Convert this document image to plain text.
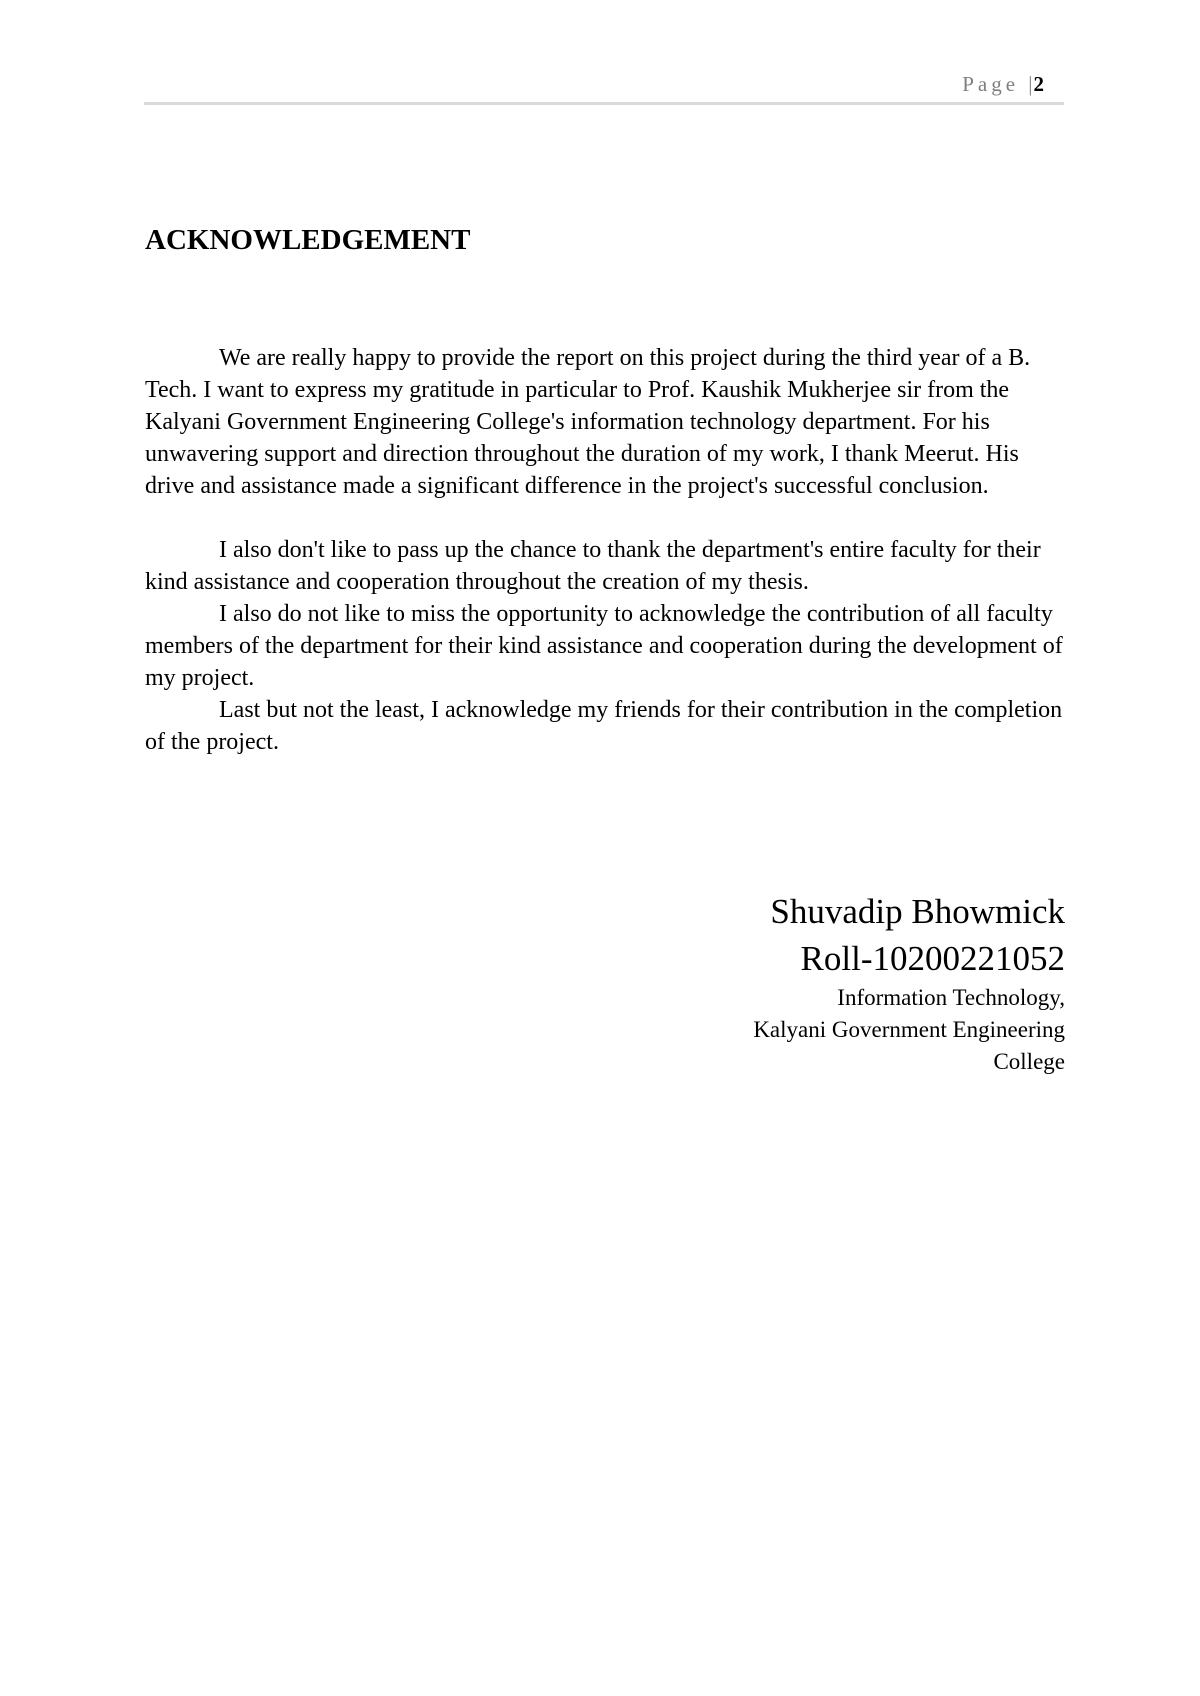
Page |2
ACKNOWLEDGEMENT

We are really happy to provide the report on this project during the third year of a B. Tech. I want to express my gratitude in particular to Prof. Kaushik Mukherjee sir from the Kalyani Government Engineering College's information technology department. For his unwavering support and direction throughout the duration of my work, I thank Meerut. His drive and assistance made a significant difference in the project's successful conclusion.

I also don't like to pass up the chance to thank the department's entire faculty for their kind assistance and cooperation throughout the creation of my thesis.

I also do not like to miss the opportunity to acknowledge the contribution of all faculty members of the department for their kind assistance and cooperation during the development of my project.

Last but not the least, I acknowledge my friends for their contribution in the completion of the project.

Shuvadip Bhowmick
Roll-10200221052
Information Technology,
Kalyani Government Engineering College
